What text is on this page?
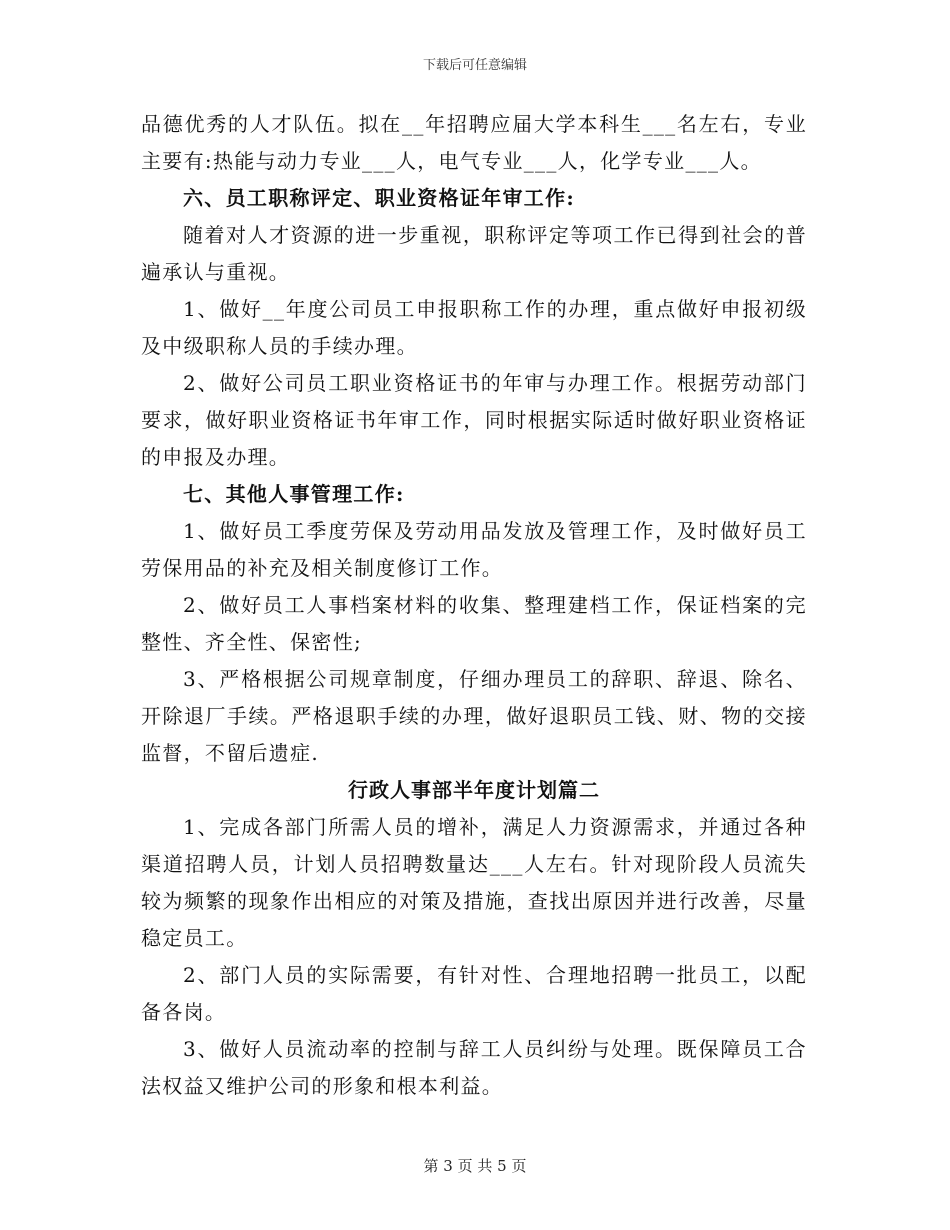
下载后可任意编辑

品德优秀的人才队伍。拟在__年招聘应届大学本科生___名左右，专业主要有:热能与动力专业___人，电气专业___人，化学专业___人。

六、员工职称评定、职业资格证年审工作:

随着对人才资源的进一步重视，职称评定等项工作已得到社会的普遍承认与重视。

1、做好__年度公司员工申报职称工作的办理，重点做好申报初级及中级职称人员的手续办理。

2、做好公司员工职业资格证书的年审与办理工作。根据劳动部门要求，做好职业资格证书年审工作，同时根据实际适时做好职业资格证的申报及办理。

七、其他人事管理工作:

1、做好员工季度劳保及劳动用品发放及管理工作，及时做好员工劳保用品的补充及相关制度修订工作。

2、做好员工人事档案材料的收集、整理建档工作，保证档案的完整性、齐全性、保密性;

3、严格根据公司规章制度，仔细办理员工的辞职、辞退、除名、开除退厂手续。严格退职手续的办理，做好退职员工钱、财、物的交接监督，不留后遗症.

行政人事部半年度计划篇二

1、完成各部门所需人员的增补，满足人力资源需求，并通过各种渠道招聘人员，计划人员招聘数量达___人左右。针对现阶段人员流失较为频繁的现象作出相应的对策及措施，查找出原因并进行改善，尽量稳定员工。

2、部门人员的实际需要，有针对性、合理地招聘一批员工，以配备各岗。

3、做好人员流动率的控制与辞工人员纠纷与处理。既保障员工合法权益又维护公司的形象和根本利益。

第 3 页 共 5 页
